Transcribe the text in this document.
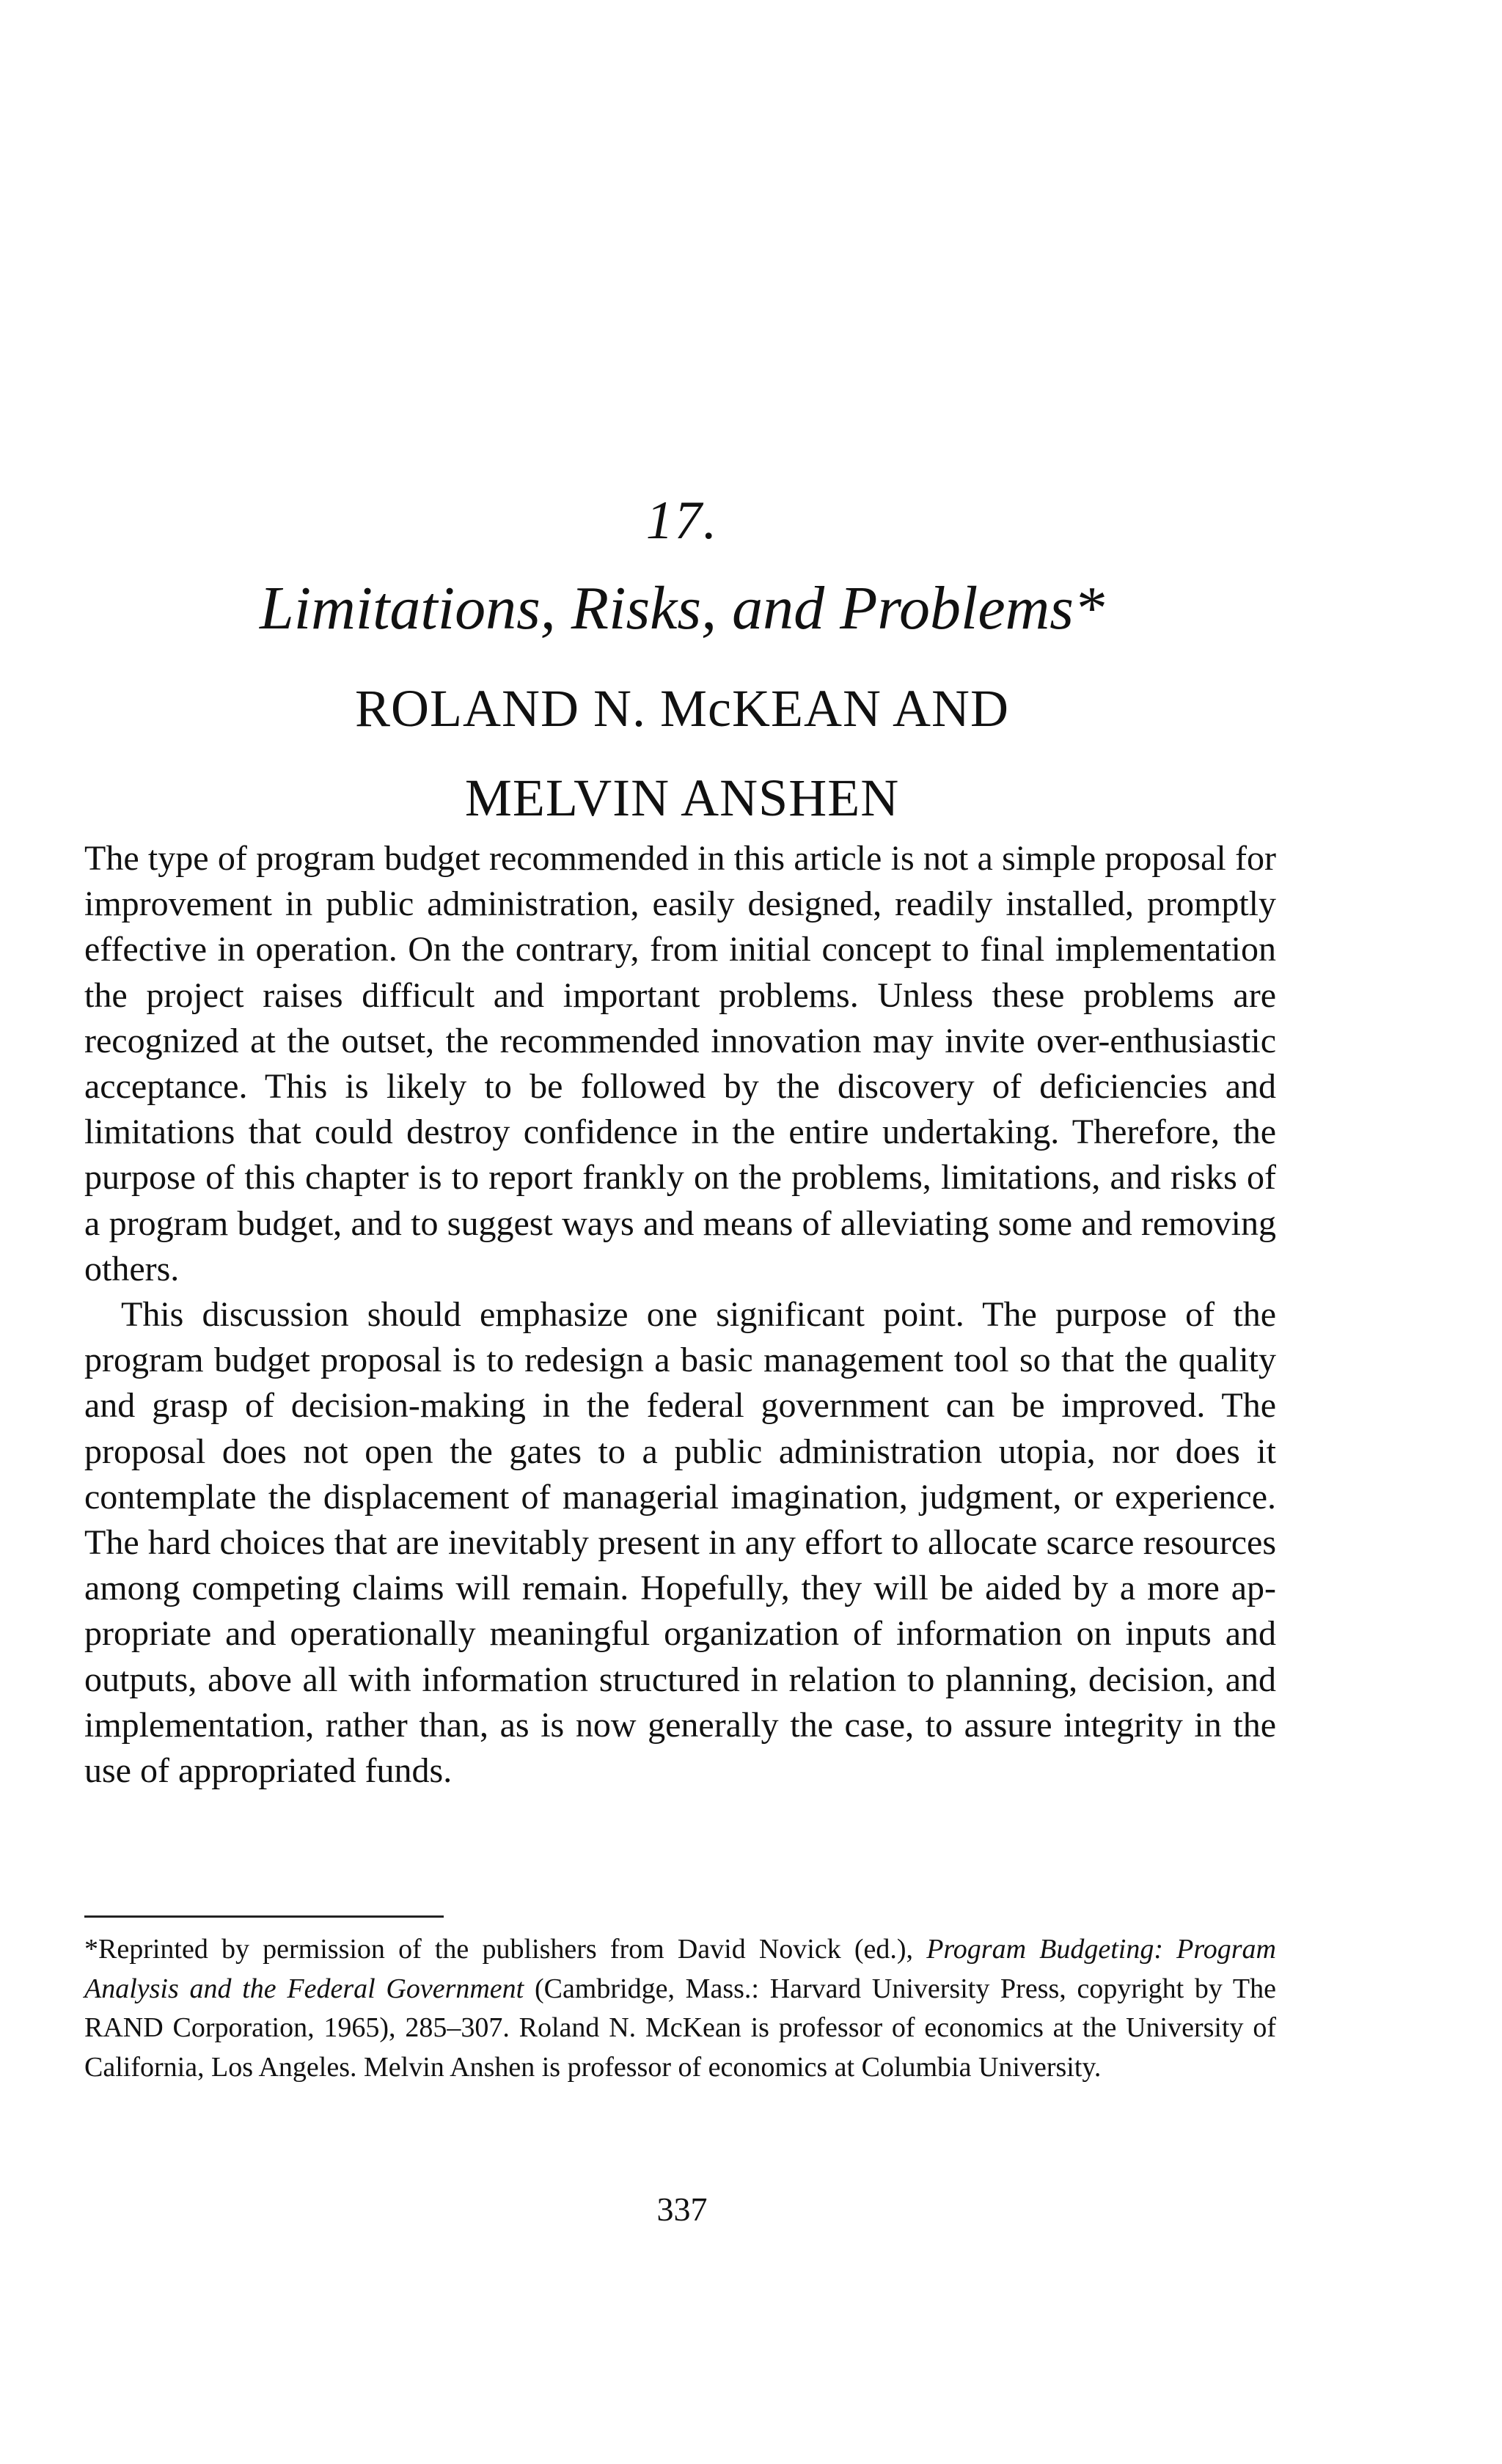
17.
Limitations, Risks, and Problems*
ROLAND N. McKEAN AND
MELVIN ANSHEN

The type of program budget recommended in this article is not a simple proposal for improvement in public administration, easily designed, readily installed, promptly effective in operation. On the contrary, from initial concept to final implementation the project raises difficult and important problems. Unless these problems are recognized at the outset, the recommended innovation may invite over-enthusiastic acceptance. This is likely to be followed by the discovery of deficiencies and limitations that could destroy confidence in the entire undertaking. Therefore, the purpose of this chapter is to report frankly on the problems, limitations, and risks of a program budget, and to suggest ways and means of alleviating some and removing others.

This discussion should emphasize one significant point. The purpose of the program budget proposal is to redesign a basic management tool so that the quality and grasp of decision-making in the federal government can be improved. The proposal does not open the gates to a public administration utopia, nor does it contemplate the displacement of managerial imagination, judgment, or experience. The hard choices that are inevitably present in any effort to allocate scarce resources among competing claims will remain. Hopefully, they will be aided by a more appropriate and operationally meaningful organization of information on inputs and outputs, above all with information structured in relation to planning, decision, and implementation, rather than, as is now generally the case, to assure integrity in the use of appropriated funds.

*Reprinted by permission of the publishers from David Novick (ed.), Program Budgeting: Program Analysis and the Federal Government (Cambridge, Mass.: Harvard University Press, copyright by The RAND Corporation, 1965), 285–307. Roland N. McKean is professor of economics at the University of California, Los Angeles. Melvin Anshen is professor of economics at Columbia University.
337
